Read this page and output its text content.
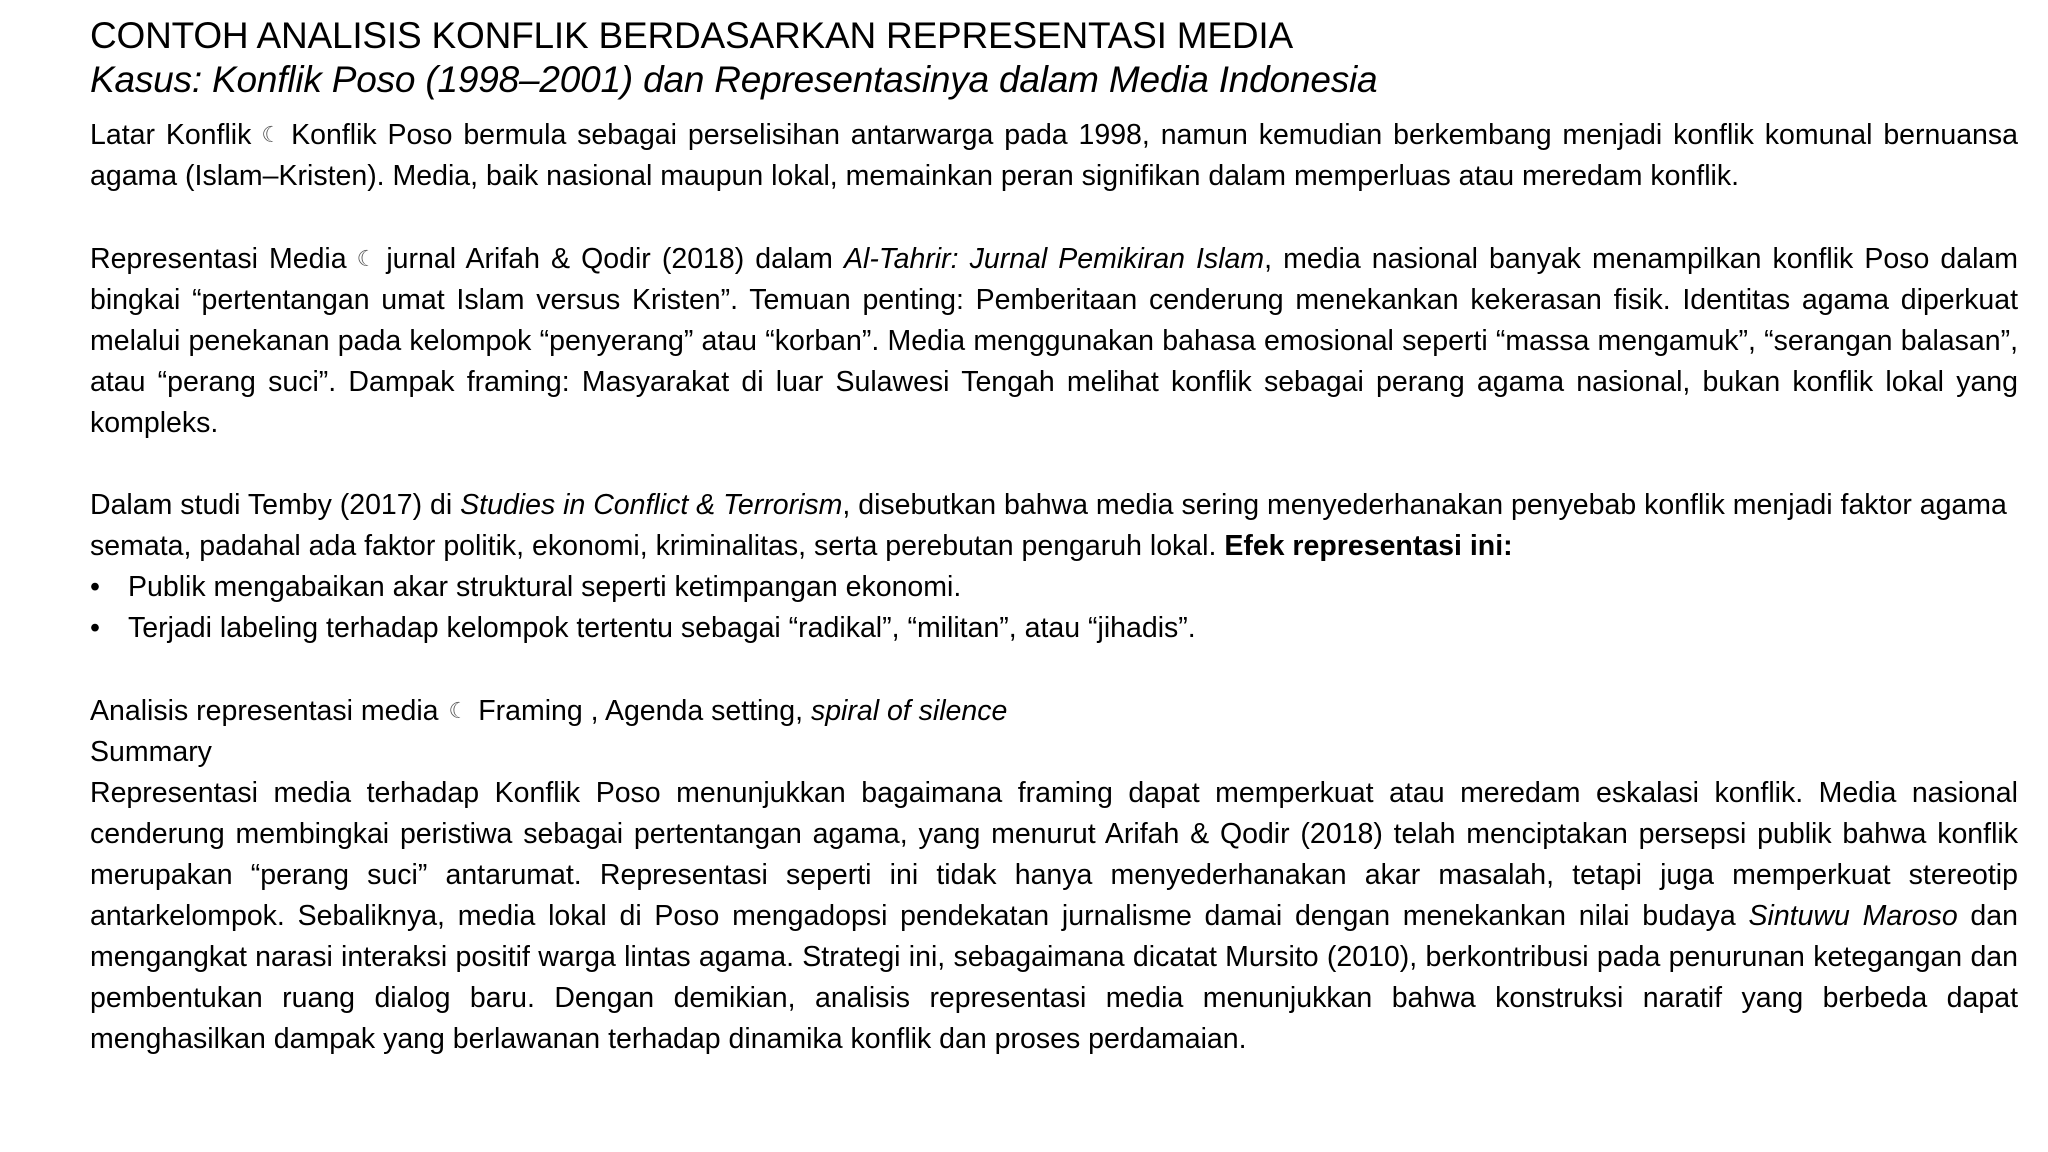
CONTOH ANALISIS KONFLIK BERDASARKAN REPRESENTASI MEDIA
Kasus: Konflik Poso (1998–2001) dan Representasinya dalam Media Indonesia

Latar Konflik ☾ Konflik Poso bermula sebagai perselisihan antarwarga pada 1998, namun kemudian berkembang menjadi konflik komunal bernuansa agama (Islam–Kristen). Media, baik nasional maupun lokal, memainkan peran signifikan dalam memperluas atau meredam konflik.

Representasi Media ☾ jurnal Arifah & Qodir (2018) dalam Al-Tahrir: Jurnal Pemikiran Islam, media nasional banyak menampilkan konflik Poso dalam bingkai “pertentangan umat Islam versus Kristen”. Temuan penting: Pemberitaan cenderung menekankan kekerasan fisik. Identitas agama diperkuat melalui penekanan pada kelompok “penyerang” atau “korban”. Media menggunakan bahasa emosional seperti “massa mengamuk”, “serangan balasan”, atau “perang suci”. Dampak framing: Masyarakat di luar Sulawesi Tengah melihat konflik sebagai perang agama nasional, bukan konflik lokal yang kompleks.

Dalam studi Temby (2017) di Studies in Conflict & Terrorism, disebutkan bahwa media sering menyederhanakan penyebab konflik menjadi faktor agama semata, padahal ada faktor politik, ekonomi, kriminalitas, serta perebutan pengaruh lokal. Efek representasi ini:

• Publik mengabaikan akar struktural seperti ketimpangan ekonomi.
• Terjadi labeling terhadap kelompok tertentu sebagai “radikal”, “militan”, atau “jihadis”.

Analisis representasi media ☾ Framing , Agenda setting, spiral of silence

Summary

Representasi media terhadap Konflik Poso menunjukkan bagaimana framing dapat memperkuat atau meredam eskalasi konflik. Media nasional cenderung membingkai peristiwa sebagai pertentangan agama, yang menurut Arifah & Qodir (2018) telah menciptakan persepsi publik bahwa konflik merupakan “perang suci” antarumat. Representasi seperti ini tidak hanya menyederhanakan akar masalah, tetapi juga memperkuat stereotip antarkelompok. Sebaliknya, media lokal di Poso mengadopsi pendekatan jurnalisme damai dengan menekankan nilai budaya Sintuwu Maroso dan mengangkat narasi interaksi positif warga lintas agama. Strategi ini, sebagaimana dicatat Mursito (2010), berkontribusi pada penurunan ketegangan dan pembentukan ruang dialog baru. Dengan demikian, analisis representasi media menunjukkan bahwa konstruksi naratif yang berbeda dapat menghasilkan dampak yang berlawanan terhadap dinamika konflik dan proses perdamaian.
